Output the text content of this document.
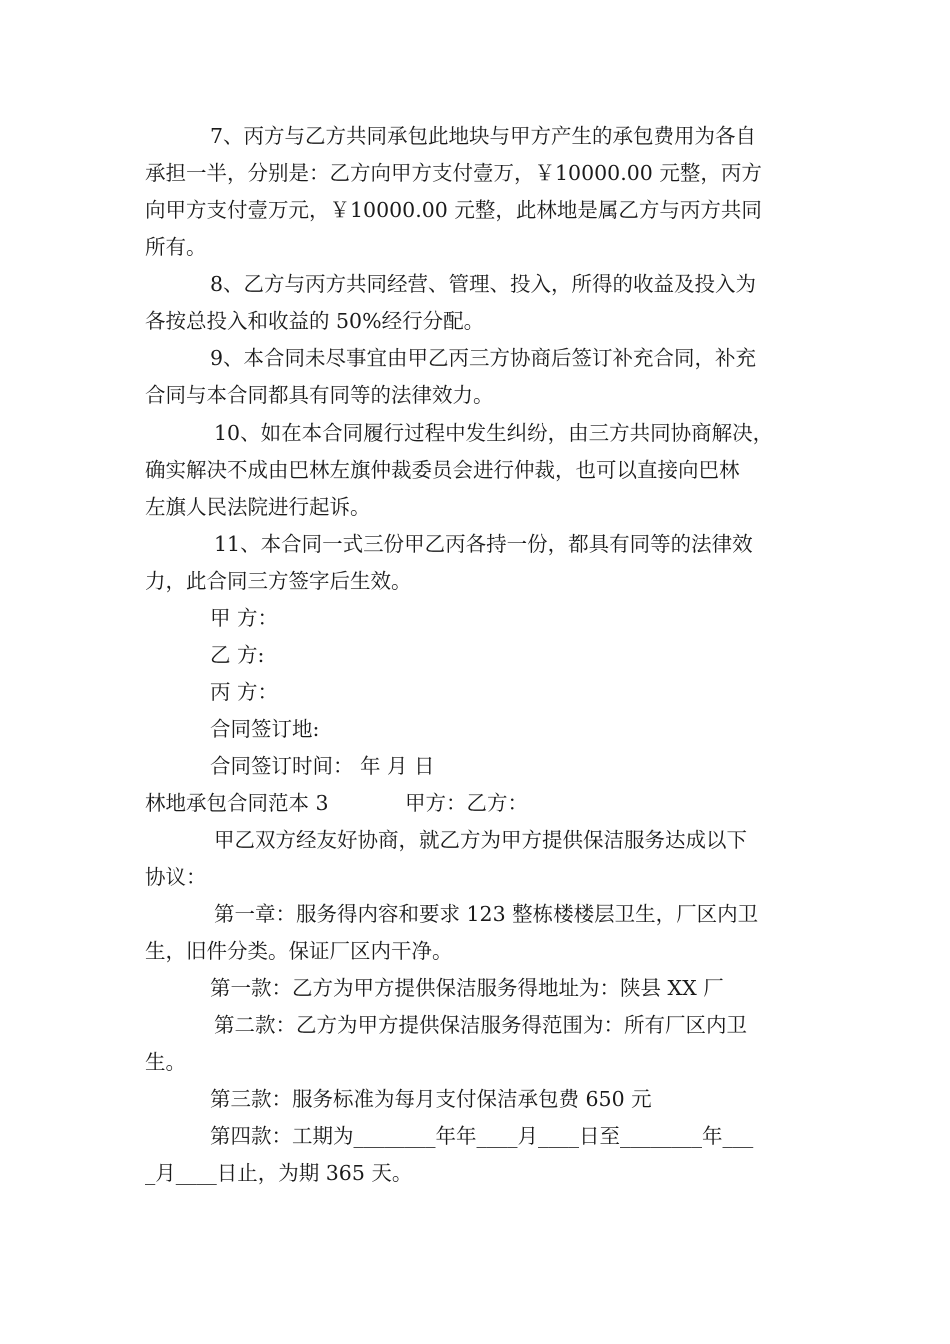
7、丙方与乙方共同承包此地块与甲方产生的承包费用为各自

承担一半，分别是：乙方向甲方支付壹万，￥10000.00 元整，丙方

向甲方支付壹万元，￥10000.00 元整，此林地是属乙方与丙方共同

所有。

8、乙方与丙方共同经营、管理、投入，所得的收益及投入为

各按总投入和收益的 50%经行分配。

9、本合同未尽事宜由甲乙丙三方协商后签订补充合同，补充

合同与本合同都具有同等的法律效力。

10、如在本合同履行过程中发生纠纷，由三方共同协商解决，

确实解决不成由巴林左旗仲裁委员会进行仲裁，也可以直接向巴林

左旗人民法院进行起诉。

11、本合同一式三份甲乙丙各持一份，都具有同等的法律效

力，此合同三方签字后生效。

甲 方：

乙 方:

丙 方：

合同签订地:

合同签订时间： 年 月 日

林地承包合同范本 3	甲方：乙方：

甲乙双方经友好协商，就乙方为甲方提供保洁服务达成以下

协议：

第一章：服务得内容和要求 123 整栋楼楼层卫生，厂区内卫

生，旧件分类。保证厂区内干净。

第一款：乙方为甲方提供保洁服务得地址为：陕县 XX 厂

第二款：乙方为甲方提供保洁服务得范围为：所有厂区内卫

生。

第三款：服务标准为每月支付保洁承包费 650 元

第四款：工期为________年年____月____日至________年___

_月____日止，为期 365 天。
